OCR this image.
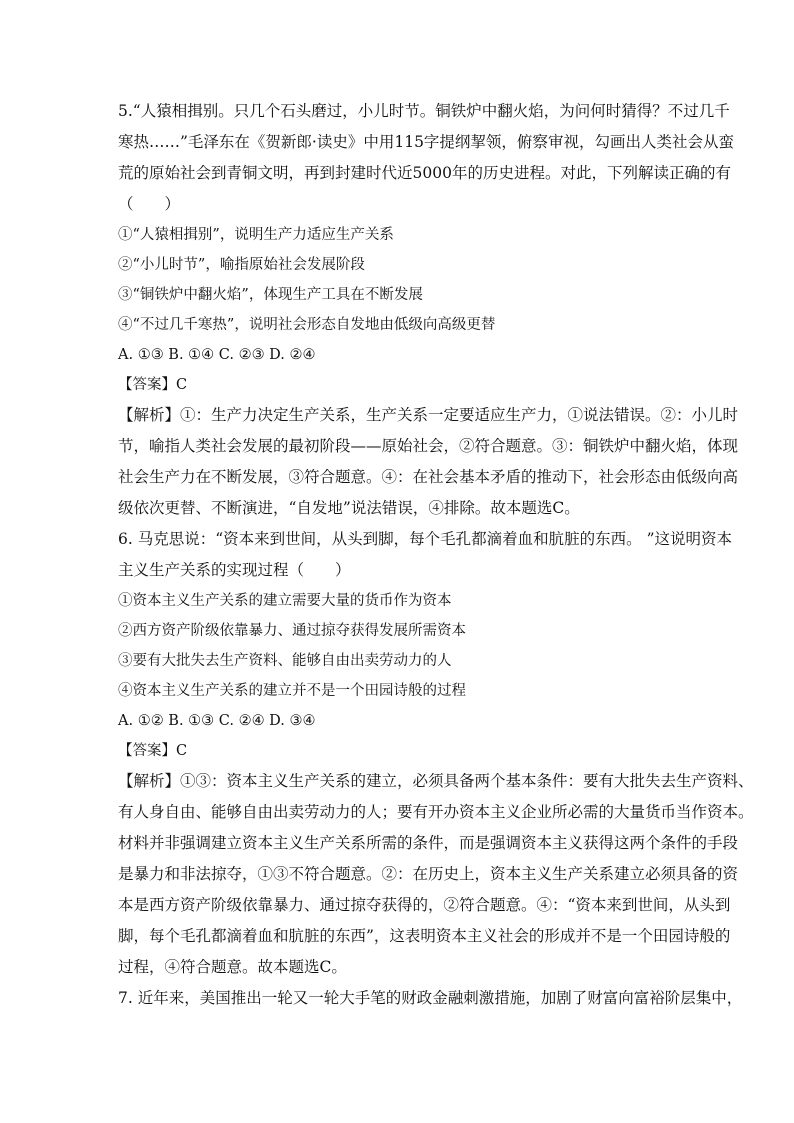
5.“人猿相揖别。只几个石头磨过，小儿时节。铜铁炉中翻火焰，为问何时猜得？不过几千
寒热……”毛泽东在《贺新郎·读史》中用115字提纲挈领，俯察审视，勾画出人类社会从蛮
荒的原始社会到青铜文明，再到封建时代近5000年的历史进程。对此，下列解读正确的有
（　　）
①“人猿相揖别”，说明生产力适应生产关系
②“小儿时节”，喻指原始社会发展阶段
③“铜铁炉中翻火焰”，体现生产工具在不断发展
④“不过几千寒热”，说明社会形态自发地由低级向高级更替
A. ①③ B. ①④ C. ②③ D. ②④
【答案】C
【解析】①：生产力决定生产关系，生产关系一定要适应生产力，①说法错误。②：小儿时
节，喻指人类社会发展的最初阶段——原始社会，②符合题意。③：铜铁炉中翻火焰，体现
社会生产力在不断发展，③符合题意。④：在社会基本矛盾的推动下，社会形态由低级向高
级依次更替、不断演进，“自发地”说法错误，④排除。故本题选C。
6. 马克思说：“资本来到世间，从头到脚，每个毛孔都滴着血和肮脏的东西。 ”这说明资本
主义生产关系的实现过程（　　）
①资本主义生产关系的建立需要大量的货币作为资本
②西方资产阶级依靠暴力、通过掠夺获得发展所需资本
③要有大批失去生产资料、能够自由出卖劳动力的人
④资本主义生产关系的建立并不是一个田园诗般的过程
A. ①② B. ①③ C. ②④ D. ③④
【答案】C
【解析】①③：资本主义生产关系的建立，必须具备两个基本条件：要有大批失去生产资料、
有人身自由、能够自由出卖劳动力的人；要有开办资本主义企业所必需的大量货币当作资本。
材料并非强调建立资本主义生产关系所需的条件，而是强调资本主义获得这两个条件的手段
是暴力和非法掠夺，①③不符合题意。②：在历史上，资本主义生产关系建立必须具备的资
本是西方资产阶级依靠暴力、通过掠夺获得的，②符合题意。④：“资本来到世间，从头到
脚，每个毛孔都滴着血和肮脏的东西”，这表明资本主义社会的形成并不是一个田园诗般的
过程，④符合题意。故本题选C。
7. 近年来，美国推出一轮又一轮大手笔的财政金融刺激措施，加剧了财富向富裕阶层集中，
